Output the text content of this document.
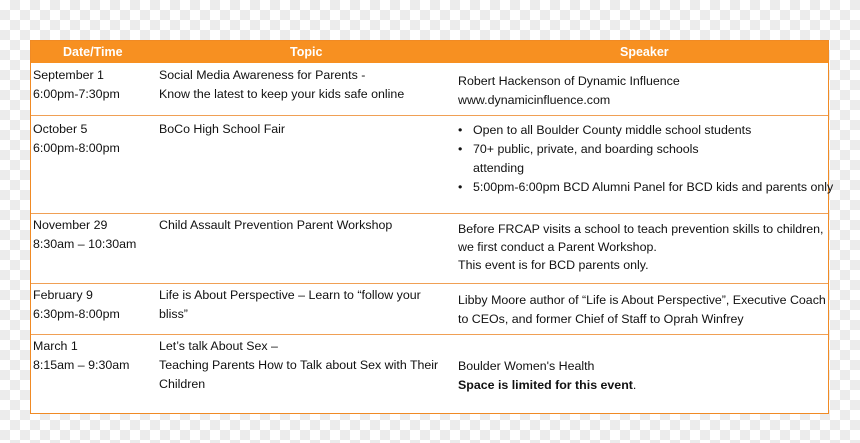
Date/Time	Topic	Speaker
September 1
6:00pm-7:30pm
Social Media Awareness for Parents -
Know the latest to keep your kids safe online
Robert Hackenson of Dynamic Influence
www.dynamicinfluence.com
October 5
6:00pm-8:00pm
BoCo High School Fair
•	Open to all Boulder County middle school students
• 70+ public, private, and boarding schools
attending
• 5:00pm-6:00pm BCD Alumni Panel for BCD kids and parents only
November 29
8:30am – 10:30am
Child Assault Prevention Parent Workshop	Before FRCAP visits a school to teach prevention skills to children,
we first conduct a Parent Workshop.
This event is for BCD parents only.
February 9
6:30pm-8:00pm
Life is About Perspective – Learn to “follow your
bliss”
Libby Moore author of “Life is About Perspective”, Executive Coach
to CEOs, and former Chief of Staff to Oprah Winfrey
March 1
8:15am – 9:30am
Let’s talk About Sex –
Teaching Parents How to Talk about Sex with Their
Children
Boulder Women's Health
Space is limited for this event.
